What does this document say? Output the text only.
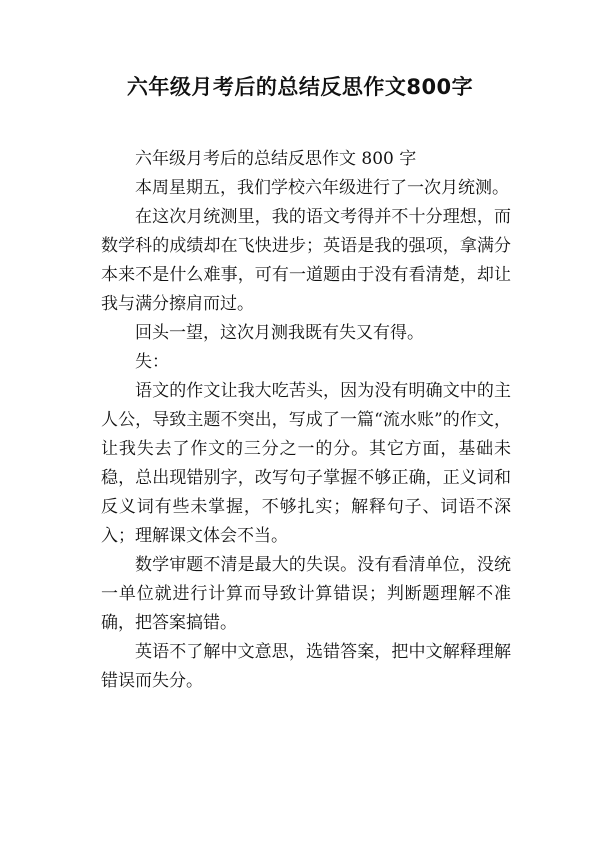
六年级月考后的总结反思作文800字

六年级月考后的总结反思作文 800 字

本周星期五，我们学校六年级进行了一次月统测。

在这次月统测里，我的语文考得并不十分理想，而数学科的成绩却在飞快进步；英语是我的强项，拿满分本来不是什么难事，可有一道题由于没有看清楚，却让我与满分擦肩而过。

回头一望，这次月测我既有失又有得。

失：

语文的作文让我大吃苦头，因为没有明确文中的主人公，导致主题不突出，写成了一篇“流水账”的作文，让我失去了作文的三分之一的分。其它方面，基础未稳，总出现错别字，改写句子掌握不够正确，正义词和反义词有些未掌握，不够扎实；解释句子、词语不深入；理解课文体会不当。

数学审题不清是最大的失误。没有看清单位，没统一单位就进行计算而导致计算错误；判断题理解不准确，把答案搞错。

英语不了解中文意思，选错答案，把中文解释理解错误而失分。
